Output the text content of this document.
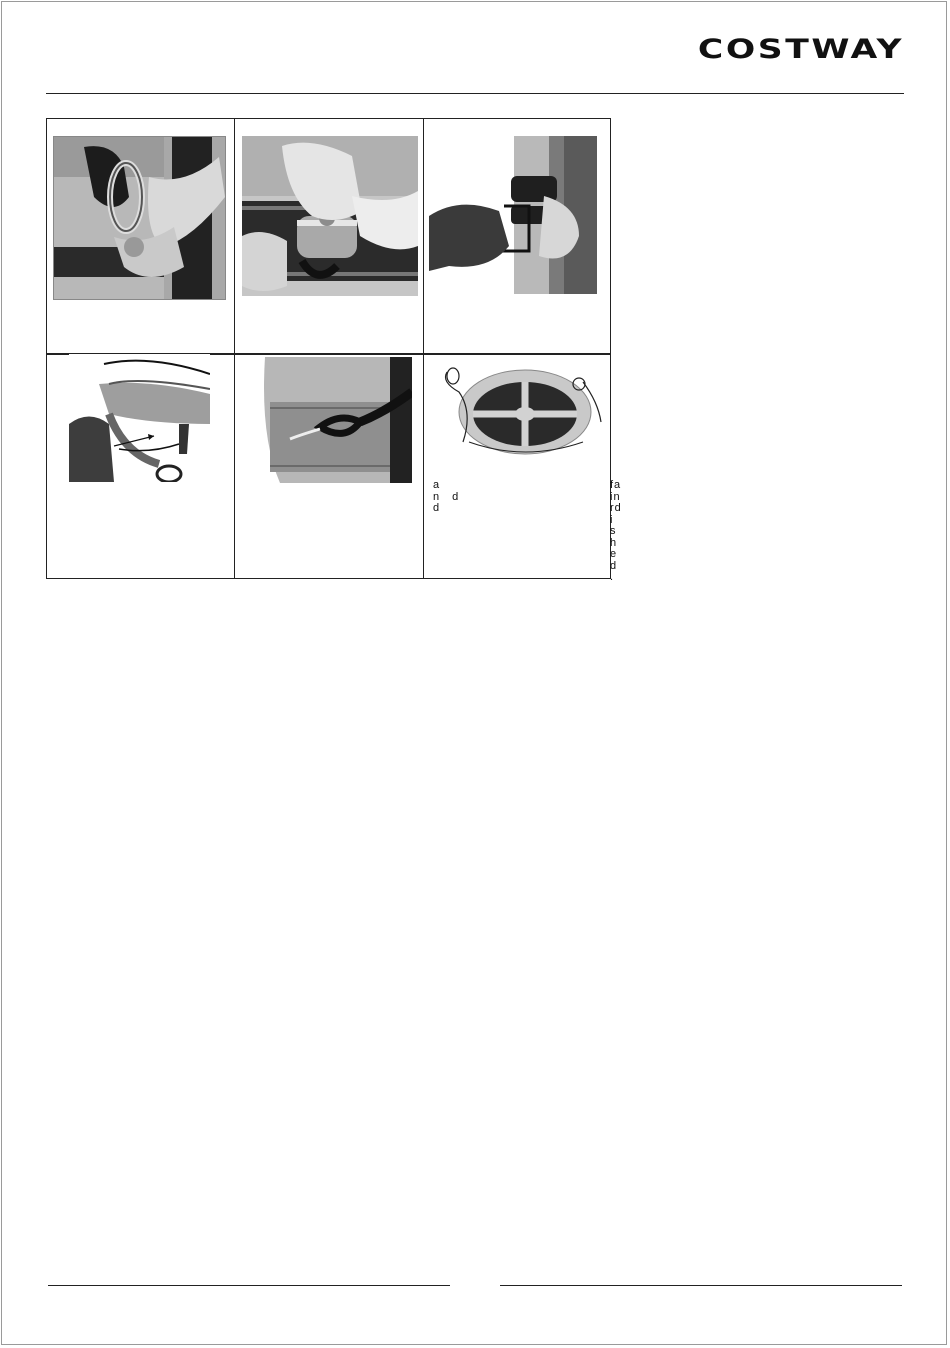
COSTWAY
a
n d
d
fa
in
rd
i
s
h
e
d
.
